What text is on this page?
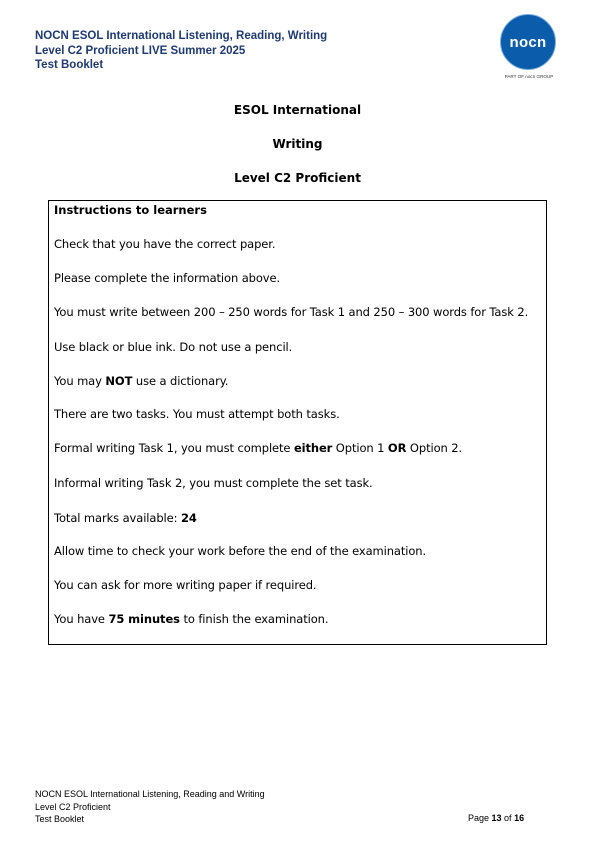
NOCN ESOL International Listening, Reading, Writing
Level C2 Proficient LIVE Summer 2025
Test Booklet
nocn
PART OF nocn GROUP
ESOL International
Writing
Level C2 Proficient
Instructions to learners
Check that you have the correct paper.
Please complete the information above.
You must write between 200 – 250 words for Task 1 and 250 – 300 words for Task 2.
Use black or blue ink. Do not use a pencil.
You may NOT use a dictionary.
There are two tasks. You must attempt both tasks.
Formal writing Task 1, you must complete either Option 1 OR Option 2.
Informal writing Task 2, you must complete the set task.
Total marks available: 24
Allow time to check your work before the end of the examination.
You can ask for more writing paper if required.
You have 75 minutes to finish the examination.
NOCN ESOL International Listening, Reading and Writing
Level C2 Proficient
Test Booklet	Page 13 of 16
